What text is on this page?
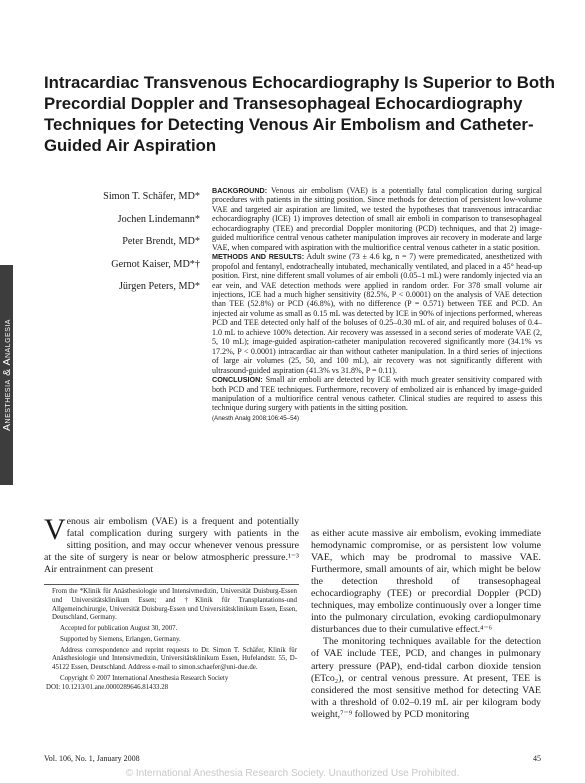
Anesthesia & Analgesia
Intracardiac Transvenous Echocardiography Is Superior to Both Precordial Doppler and Transesophageal Echocardiography Techniques for Detecting Venous Air Embolism and Catheter-Guided Air Aspiration
Simon T. Schäfer, MD*
Jochen Lindemann*
Peter Brendt, MD*
Gernot Kaiser, MD*†
Jürgen Peters, MD*

BACKGROUND: Venous air embolism (VAE) is a potentially fatal complication during surgical procedures with patients in the sitting position. Since methods for detection of persistent low-volume VAE and targeted air aspiration are limited, we tested the hypotheses that transvenous intracardiac echocardiography (ICE) 1) improves detection of small air emboli in comparison to transesophageal echocardiography (TEE) and precordial Doppler monitoring (PCD) techniques, and that 2) image-guided multiorifice central venous catheter manipulation improves air recovery in moderate and large VAE, when compared with aspiration with the multiorifice central venous catheter in a static position.

METHODS AND RESULTS: Adult swine (73 ± 4.6 kg, n = 7) were premedicated, anesthetized with propofol and fentanyl, endotracheally intubated, mechanically ventilated, and placed in a 45° head-up position. First, nine different small volumes of air emboli (0.05–1 mL) were randomly injected via an ear vein, and VAE detection methods were applied in random order. For 378 small volume air injections, ICE had a much higher sensitivity (82.5%, P < 0.0001) on the analysis of VAE detection than TEE (52.8%) or PCD (46.8%), with no difference (P = 0.571) between TEE and PCD. An injected air volume as small as 0.15 mL was detected by ICE in 90% of injections performed, whereas PCD and TEE detected only half of the boluses of 0.25–0.30 mL of air, and required boluses of 0.4–1.0 mL to achieve 100% detection. Air recovery was assessed in a second series of moderate VAE (2, 5, 10 mL); image-guided aspiration-catheter manipulation recovered significantly more (34.1% vs 17.2%, P < 0.0001) intracardiac air than without catheter manipulation. In a third series of injections of large air volumes (25, 50, and 100 mL), air recovery was not significantly different with ultrasound-guided aspiration (41.3% vs 31.8%, P = 0.11).

CONCLUSION: Small air emboli are detected by ICE with much greater sensitivity compared with both PCD and TEE techniques. Furthermore, recovery of embolized air is enhanced by image-guided manipulation of a multiorifice central venous catheter. Clinical studies are required to assess this technique during surgery with patients in the sitting position.

(Anesth Analg 2008;106:45–54)

Venous air embolism (VAE) is a frequent and potentially fatal complication during surgery with patients in the sitting position, and may occur whenever venous pressure at the site of surgery is near or below atmospheric pressure.¹⁻³ Air entrainment can present

as either acute massive air embolism, evoking immediate hemodynamic compromise, or as persistent low volume VAE, which may be prodromal to massive VAE. Furthermore, small amounts of air, which might be below the detection threshold of transesophageal echocardiography (TEE) or precordial Doppler (PCD) techniques, may embolize continuously over a longer time into the pulmonary circulation, evoking cardiopulmonary disturbances due to their cumulative effect.⁴⁻⁶

The monitoring techniques available for the detection of VAE include TEE, PCD, and changes in pulmonary artery pressure (PAP), end-tidal carbon dioxide tension (ETco₂), or central venous pressure. At present, TEE is considered the most sensitive method for detecting VAE with a threshold of 0.02–0.19 mL air per kilogram body weight,⁷⁻⁹ followed by PCD monitoring

From the *Klinik für Anästhesiologie und Intensivmedizin, Universität Duisburg-Essen und Universitätsklinikum Essen; and †Klinik für Transplantations-und Allgemeinchirurgie, Universität Duisburg-Essen und Universitätsklinikum Essen, Essen, Deutschland, Germany.

Accepted for publication August 30, 2007.

Supported by Siemens, Erlangen, Germany.

Address correspondence and reprint requests to Dr. Simon T. Schäfer, Klinik für Anästhesiologie und Intensivmedizin, Universitätsklinikum Essen, Hufelandstr. 55, D-45122 Essen, Deutschland. Address e-mail to simon.schaefer@uni-due.de.

Copyright © 2007 International Anesthesia Research Society

DOI: 10.1213/01.ane.0000289646.81433.28

Vol. 106, No. 1, January 2008	45
© International Anesthesia Research Society. Unauthorized Use Prohibited.
